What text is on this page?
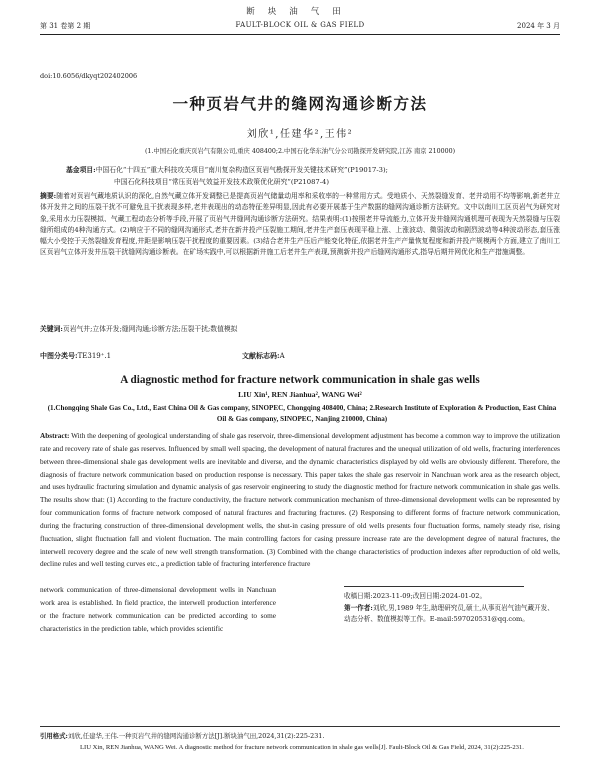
断块油气田
第 31 卷第 2 期	FAULT-BLOCK OIL & GAS FIELD	2024 年 3 月
doi:10.6056/dkyqt202402006
一种页岩气井的缝网沟通诊断方法
刘欣¹,任建华²,王伟²
(1.中国石化重庆页岩气有限公司,重庆 408400;2.中国石化华东油气分公司勘探开发研究院,江苏 南京 210000)
基金项目:中国石化“十四五”重大科技攻关项目“南川复杂构造区页岩气勘探开发关键技术研究”(P19017-3);
中国石化科技项目“常压页岩气效益开发技术政策优化研究”(P21087-4)
摘要:随着对页岩气藏地质认识的深化,自然气藏立体开发调整已是提高页岩气储量动用率和采收率的一种常用方式。受地质小、天然裂缝发育、老井动用不均等影响,新老井立体开发井之间的压裂干扰不可避免且干扰表现多样,老井表现出的动态特征差异明显,因此有必要开展基于生产数据的缝网沟通诊断方法研究。文中以南川工区页岩气为研究对象,采用水力压裂模拟、气藏工程动态分析等手段,开展了页岩气井缝网沟通诊断方法研究。结果表明:(1)按照老井导流能力,立体开发井缝网沟通机理可表现为天然裂缝与压裂缝所组成的4种沟通方式。(2)响应于不同的缝网沟通形式,老井在新井投产压裂施工期间,老井生产套压表现平稳上涨、上涨波动、微弱波动和剧烈波动等4种波动形态,套压涨幅大小受控于天然裂缝发育程度,井距是影响压裂干扰程度的重要因素。(3)结合老井生产压后产能变化特征,依据老井生产产量恢复程度和新井投产规模两个方面,建立了南川工区页岩气立体开发井压裂干扰缝网沟通诊断表。在矿场实践中,可以根据新井施工后老井生产表现,预测新井投产后缝网沟通形式,指导后期井网优化和生产措施调整。
关键词:页岩气井;立体开发;缝网沟通;诊断方法;压裂干扰;数值模拟
中图分类号:TE319⁺.1	文献标志码:A
A diagnostic method for fracture network communication in shale gas wells
LIU Xin¹, REN Jianhua², WANG Wei²
(1.Chongqing Shale Gas Co., Ltd., East China Oil & Gas company, SINOPEC, Chongqing 408400, China; 2.Research Institute of Exploration & Production, East China Oil & Gas company, SINOPEC, Nanjing 210000, China)
Abstract: With the deepening of geological understanding of shale gas reservoir, three-dimensional development adjustment has become a common way to improve the utilization rate and recovery rate of shale gas reserves. Influenced by small well spacing, the development of natural fractures and the unequal utilization of old wells, fracturing interferences between three-dimensional shale gas development wells are inevitable and diverse, and the dynamic characteristics displayed by old wells are obviously different. Therefore, the diagnosis of fracture network communication based on production response is necessary. This paper takes the shale gas reservoir in Nanchuan work area as the research object, and uses hydraulic fracturing simulation and dynamic analysis of gas reservoir engineering to study the diagnostic method for fracture network communication in shale gas wells. The results show that: (1) According to the fracture conductivity, the fracture network communication mechanism of three-dimensional development wells can be represented by four communication forms of fracture network composed of natural fractures and fracturing fractures. (2) Responsing to different forms of fracture network communication, during the fracturing construction of three-dimensional development wells, the shut-in casing pressure of old wells presents four fluctuation forms, namely steady rise, rising fluctuation, slight fluctuation fall and violent fluctuation. The main controlling factors for casing pressure increase rate are the development degree of natural fractures, the interwell recovery degree and the scale of new well strength transformation. (3) Combined with the change characteristics of production indexes after reproduction of old wells, decline rules and well testing curves etc., a prediction table of fracturing interference fracture
network communication of three-dimensional development wells in Nanchuan work area is established. In field practice, the interwell production interference or the fracture network communication can be predicted according to some characteristics in the prediction table, which provides scientific
收稿日期:2023-11-09;改回日期:2024-01-02。
第一作者:刘欣,男,1989 年生,助理研究员,硕士,从事页岩气油气藏开发、动态分析、数值模拟等工作。E-mail:597020531@qq.com。
引用格式:刘欣,任建华,王伟.一种页岩气井的缝网沟通诊断方法[J].断块油气田,2024,31(2):225-231.
LIU Xin, REN Jianhua, WANG Wei. A diagnostic method for fracture network communication in shale gas wells[J]. Fault-Block Oil & Gas Field, 2024, 31(2):225-231.
